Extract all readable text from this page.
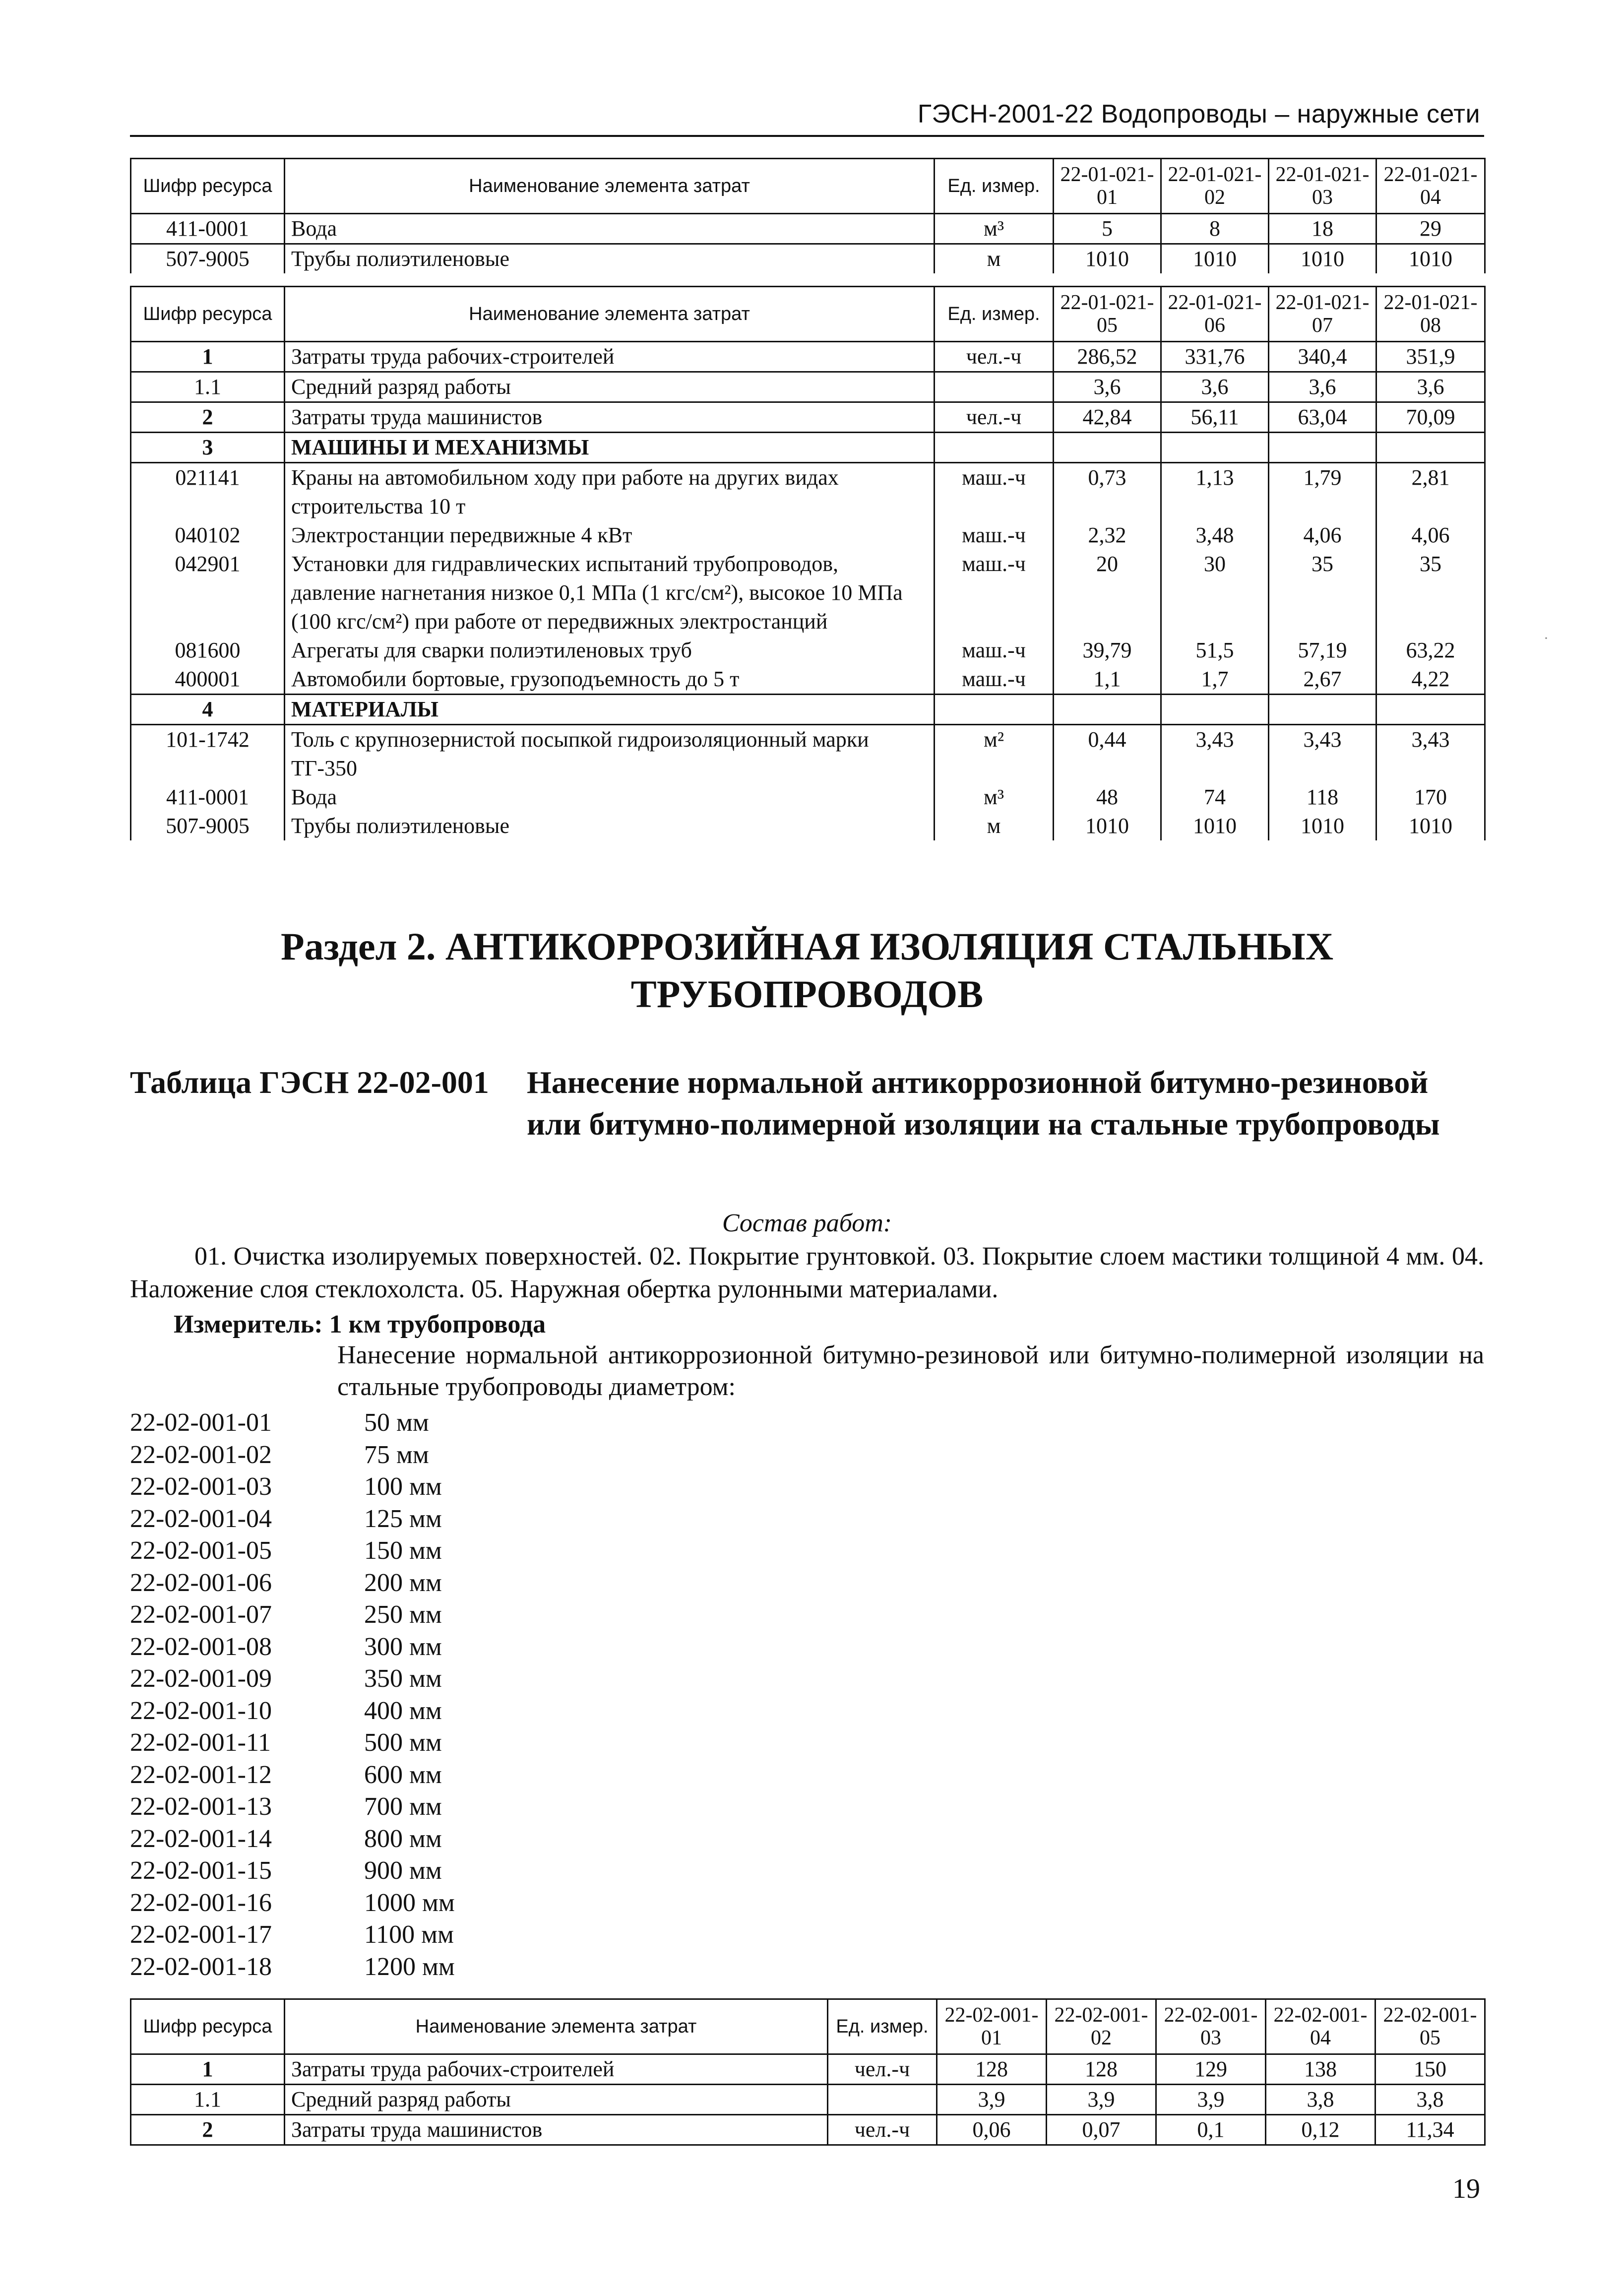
ГЭСН-2001-22 Водопроводы – наружные сети
Шифр ресурса	Наименование элемента затрат	Ед. измер.	22-01-021-01	22-01-021-02	22-01-021-03	22-01-021-04
411-0001	Вода	м³	5	8	18	29
507-9005	Трубы полиэтиленовые	м	1010	1010	1010	1010
Шифр ресурса	Наименование элемента затрат	Ед. измер.	22-01-021-05	22-01-021-06	22-01-021-07	22-01-021-08
1	Затраты труда рабочих-строителей	чел.-ч	286,52	331,76	340,4	351,9
1.1	Средний разряд работы		3,6	3,6	3,6	3,6
2	Затраты труда машинистов	чел.-ч	42,84	56,11	63,04	70,09
3	МАШИНЫ И МЕХАНИЗМЫ					
021141	Краны на автомобильном ходу при работе на других видах строительства 10 т	маш.-ч	0,73	1,13	1,79	2,81
040102	Электростанции передвижные 4 кВт	маш.-ч	2,32	3,48	4,06	4,06
042901	Установки для гидравлических испытаний трубопроводов, давление нагнетания низкое 0,1 МПа (1 кгс/см²), высокое 10 МПа (100 кгс/см²) при работе от передвижных электростанций	маш.-ч	20	30	35	35
081600	Агрегаты для сварки полиэтиленовых труб	маш.-ч	39,79	51,5	57,19	63,22
400001	Автомобили бортовые, грузоподъемность до 5 т	маш.-ч	1,1	1,7	2,67	4,22
4	МАТЕРИАЛЫ					
101-1742	Толь с крупнозернистой посыпкой гидроизоляционный марки ТГ-350	м²	0,44	3,43	3,43	3,43
411-0001	Вода	м³	48	74	118	170
507-9005	Трубы полиэтиленовые	м	1010	1010	1010	1010
Раздел 2. АНТИКОРРОЗИЙНАЯ ИЗОЛЯЦИЯ СТАЛЬНЫХ ТРУБОПРОВОДОВ
Таблица ГЭСН 22-02-001	Нанесение нормальной антикоррозионной битумно-резиновой или битумно-полимерной изоляции на стальные трубопроводы
Состав работ:
01. Очистка изолируемых поверхностей. 02. Покрытие грунтовкой. 03. Покрытие слоем мастики толщиной 4 мм. 04. Наложение слоя стеклохолста. 05. Наружная обертка рулонными материалами.
Измеритель: 1 км трубопровода
Нанесение нормальной антикоррозионной битумно-резиновой или битумно-полимерной изоляции на стальные трубопроводы диаметром:
22-02-001-01	50 мм
22-02-001-02	75 мм
22-02-001-03	100 мм
22-02-001-04	125 мм
22-02-001-05	150 мм
22-02-001-06	200 мм
22-02-001-07	250 мм
22-02-001-08	300 мм
22-02-001-09	350 мм
22-02-001-10	400 мм
22-02-001-11	500 мм
22-02-001-12	600 мм
22-02-001-13	700 мм
22-02-001-14	800 мм
22-02-001-15	900 мм
22-02-001-16	1000 мм
22-02-001-17	1100 мм
22-02-001-18	1200 мм
Шифр ресурса	Наименование элемента затрат	Ед. измер.	22-02-001-01	22-02-001-02	22-02-001-03	22-02-001-04	22-02-001-05
1	Затраты труда рабочих-строителей	чел.-ч	128	128	129	138	150
1.1	Средний разряд работы		3,9	3,9	3,9	3,8	3,8
2	Затраты труда машинистов	чел.-ч	0,06	0,07	0,1	0,12	11,34
19
·
